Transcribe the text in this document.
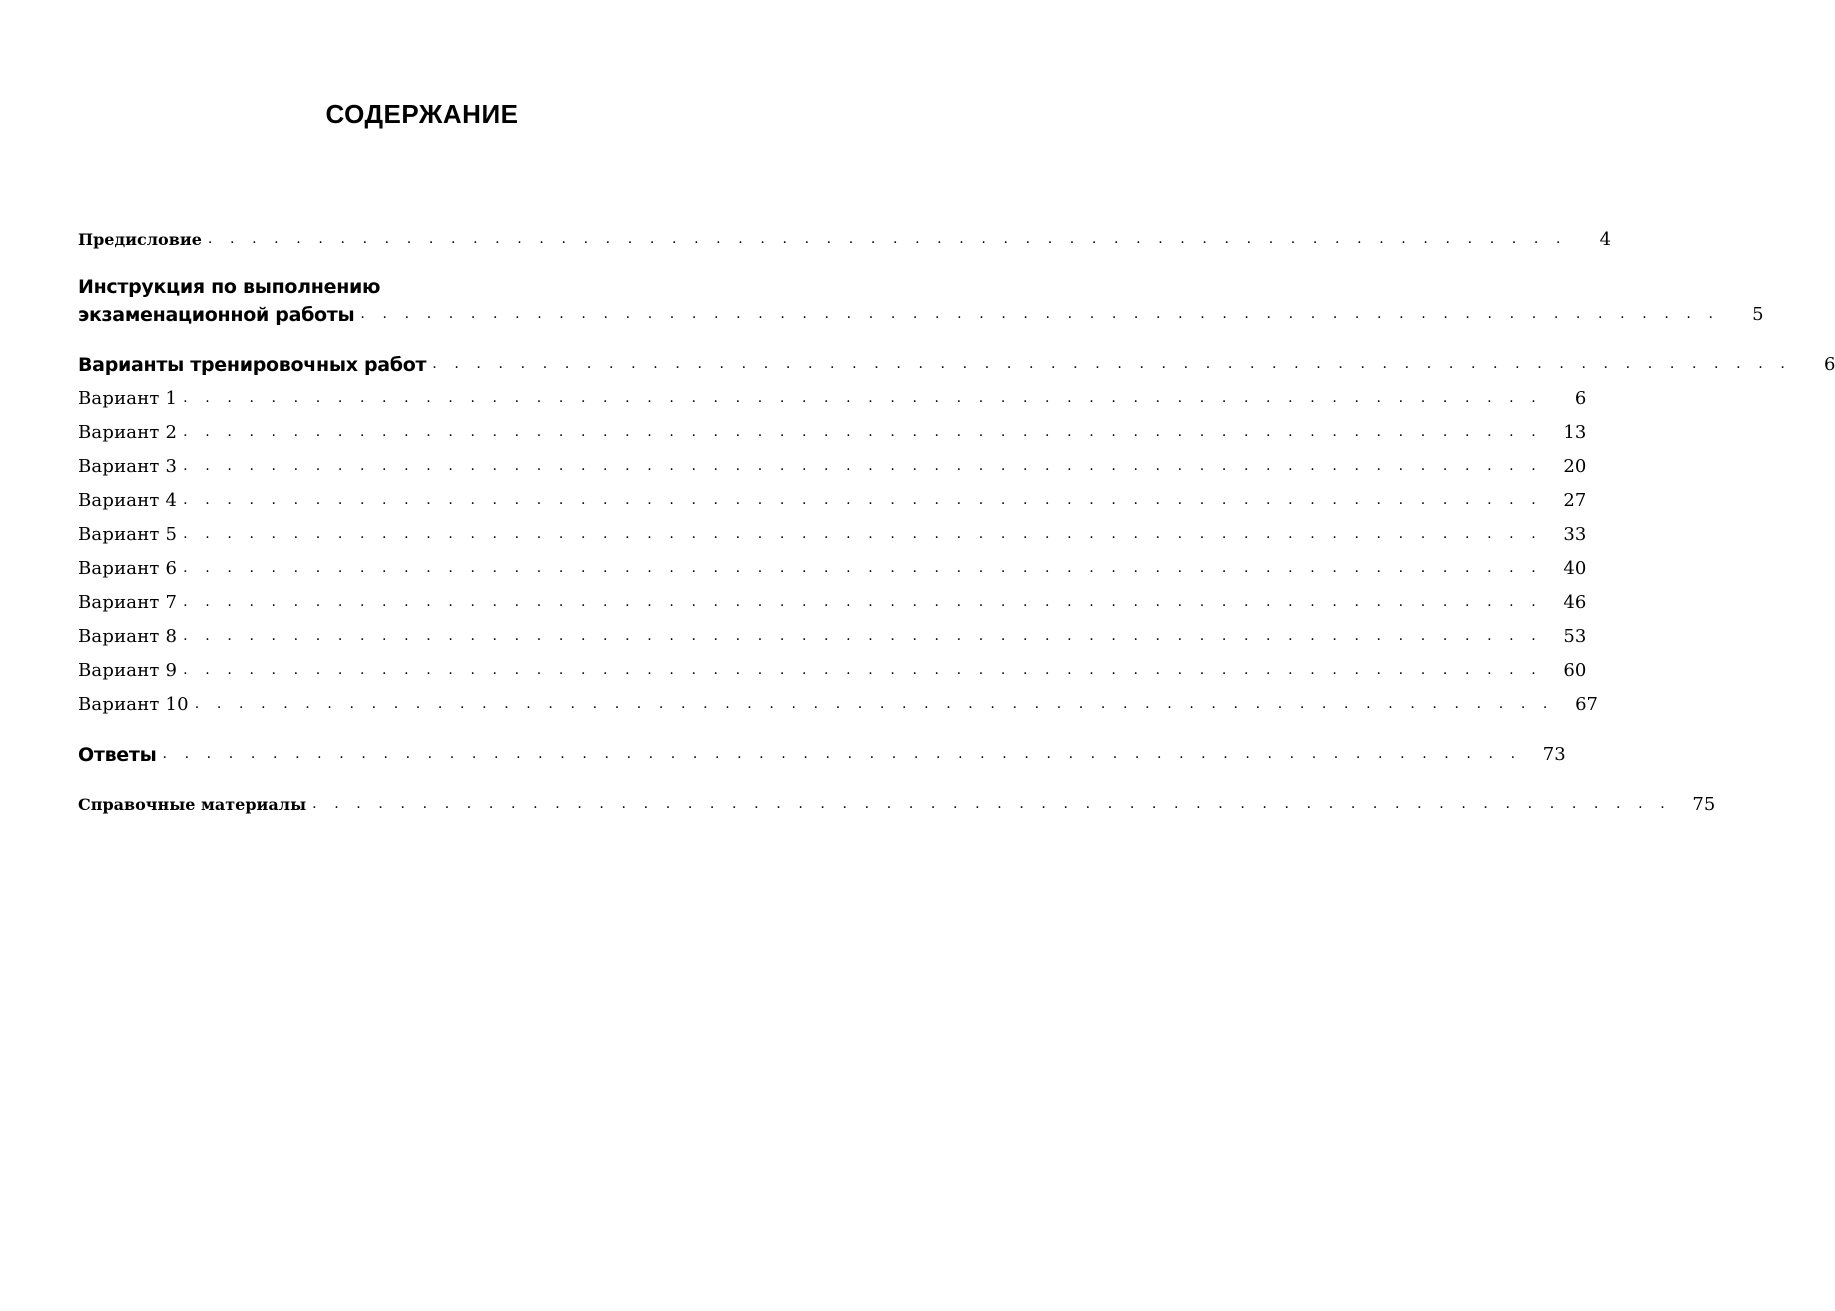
СОДЕРЖАНИЕ
Предисловие . . . . . . . . . . . . . . . . . . . . . . . . . . . . . . . . . . . . . . . . . . . . . . . . . . . . . . . . . . . . . .	4
Инструкция по выполнению
экзаменационной работы . . . . . . . . . . . . . . . . . . . . . . . . . . . . . . . . . . . . . . . . . . . . . . . . . . . . . . . . . . . . . .	5
Варианты тренировочных работ . . . . . . . . . . . . . . . . . . . . . . . . . . . . . . . . . . . . . . . . . . . . . . . . . . . . . . . . . . . . . .	6
Вариант 1 . . . . . . . . . . . . . . . . . . . . . . . . . . . . . . . . . . . . . . . . . . . . . . . . . . . . . . . . . . . . . .	6
Вариант 2 . . . . . . . . . . . . . . . . . . . . . . . . . . . . . . . . . . . . . . . . . . . . . . . . . . . . . . . . . . . . . .	13
Вариант 3 . . . . . . . . . . . . . . . . . . . . . . . . . . . . . . . . . . . . . . . . . . . . . . . . . . . . . . . . . . . . . .	20
Вариант 4 . . . . . . . . . . . . . . . . . . . . . . . . . . . . . . . . . . . . . . . . . . . . . . . . . . . . . . . . . . . . . .	27
Вариант 5 . . . . . . . . . . . . . . . . . . . . . . . . . . . . . . . . . . . . . . . . . . . . . . . . . . . . . . . . . . . . . .	33
Вариант 6 . . . . . . . . . . . . . . . . . . . . . . . . . . . . . . . . . . . . . . . . . . . . . . . . . . . . . . . . . . . . . .	40
Вариант 7 . . . . . . . . . . . . . . . . . . . . . . . . . . . . . . . . . . . . . . . . . . . . . . . . . . . . . . . . . . . . . .	46
Вариант 8 . . . . . . . . . . . . . . . . . . . . . . . . . . . . . . . . . . . . . . . . . . . . . . . . . . . . . . . . . . . . . .	53
Вариант 9 . . . . . . . . . . . . . . . . . . . . . . . . . . . . . . . . . . . . . . . . . . . . . . . . . . . . . . . . . . . . . .	60
Вариант 10 . . . . . . . . . . . . . . . . . . . . . . . . . . . . . . . . . . . . . . . . . . . . . . . . . . . . . . . . . . . . . .	67
Ответы . . . . . . . . . . . . . . . . . . . . . . . . . . . . . . . . . . . . . . . . . . . . . . . . . . . . . . . . . . . . . .	73
Справочные материалы . . . . . . . . . . . . . . . . . . . . . . . . . . . . . . . . . . . . . . . . . . . . . . . . . . . . . . . . . . . . . .	75
